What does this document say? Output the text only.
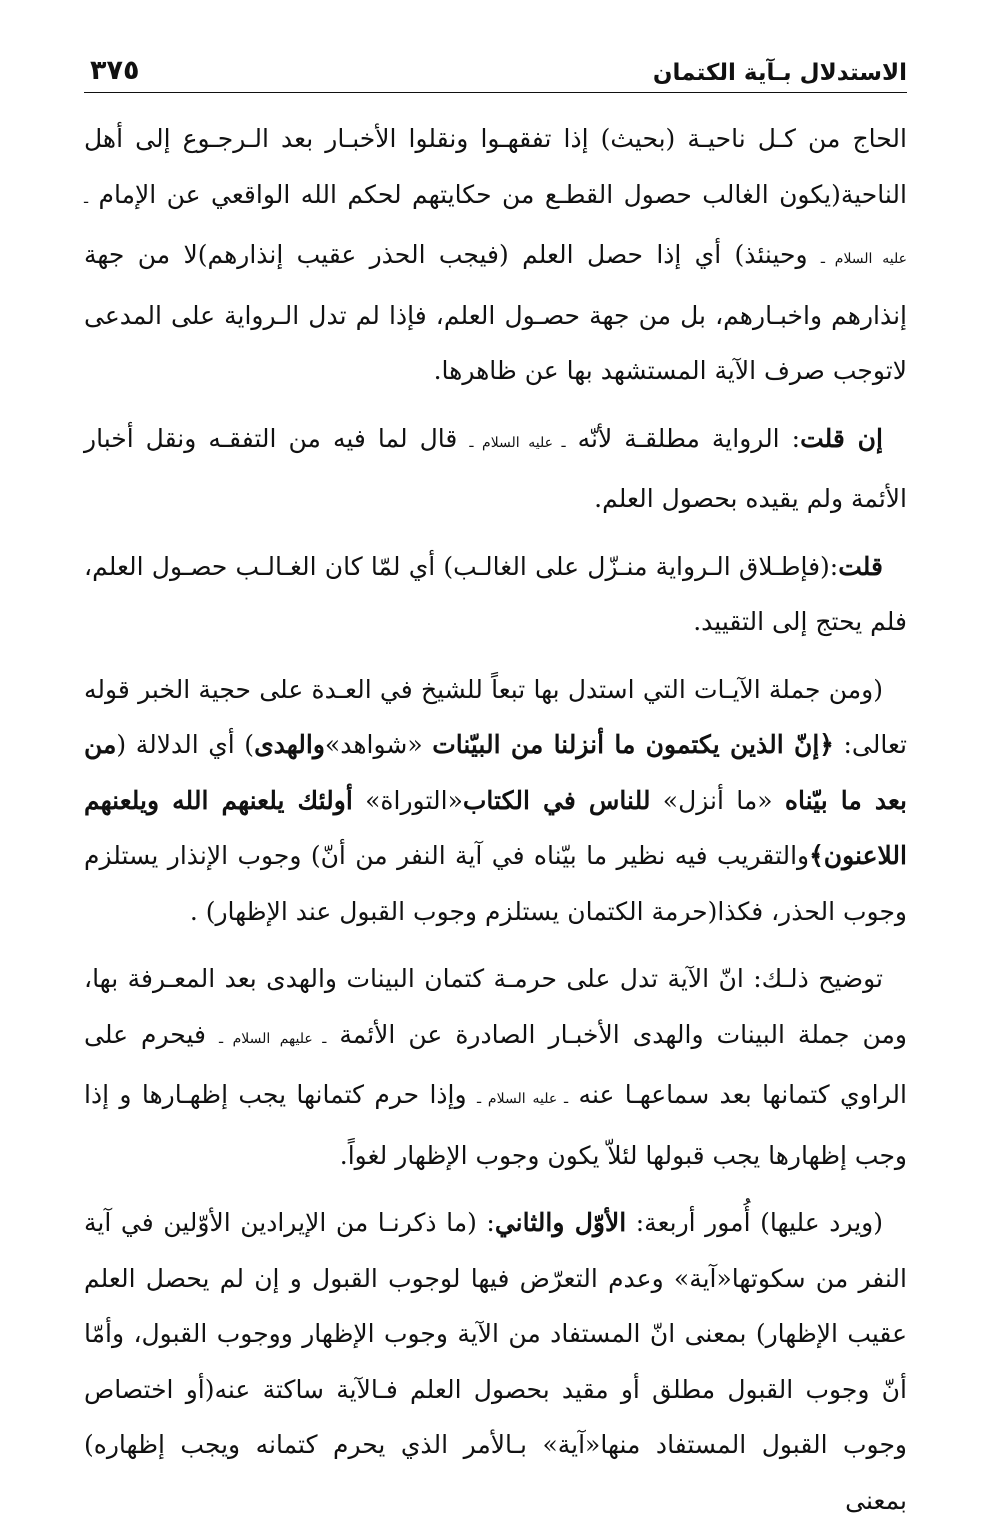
الاستدلال بـآية الكتمان
٣٧٥

الحاج من كـل ناحيـة (بحيث) إذا تفقهـوا ونقلوا الأخبـار بعد الـرجـوع إلى أهل الناحية(يكون الغالب حصول القطـع من حكايتهم لحكم الله الواقعي عن الإمام ـ عليه السلام ـ وحينئذ) أي إذا حصل العلم (فيجب الحذر عقيب إنذارهم)لا من جهة إنذارهم واخبـارهم، بل من جهة حصـول العلم، فإذا لم تدل الـرواية على المدعى لاتوجب صرف الآية المستشهد بها عن ظاهرها.

إن قلت: الرواية مطلقـة لأنّه ـ عليه السلام ـ قال لما فيه من التفقـه ونقل أخبار الأئمة ولم يقيده بحصول العلم.

قلت:(فإطـلاق الـرواية منـزّل على الغالـب) أي لمّا كان الغـالـب حصـول العلم، فلم يحتج إلى التقييد.

(ومن جملة الآيـات التي استدل بها تبعاً للشيخ في العـدة على حجية الخبر قوله تعالى: ﴿إنّ الذين يكتمون ما أنزلنا من البيّنات «شواهد»والهدى) أي الدلالة (من بعد ما بيّناه «ما أنزل» للناس في الكتاب«التوراة» أولئك يلعنهم الله ويلعنهم اللاعنون﴾والتقريب فيه نظير ما بيّناه في آية النفر من أنّ) وجوب الإنذار يستلزم وجوب الحذر، فكذا(حرمة الكتمان يستلزم وجوب القبول عند الإظهار) .

توضيح ذلـك: انّ الآية تدل على حرمـة كتمان البينات والهدى بعد المعـرفة بها، ومن جملة البينات والهدى الأخبـار الصادرة عن الأئمة ـ عليهم السلام ـ فيحرم على الراوي كتمانها بعد سماعهـا عنه ـ عليه السلام ـ وإذا حرم كتمانها يجب إظهـارها و إذا وجب إظهارها يجب قبولها لئلاّ يكون وجوب الإظهار لغواً.

(ويرد عليها) أُمور أربعة: الأوّل والثاني: (ما ذكرنـا من الإيرادين الأوّلين في آية النفر من سكوتها«آية» وعدم التعرّض فيها لوجوب القبول و إن لم يحصل العلم عقيب الإظهار) بمعنى انّ المستفاد من الآية وجوب الإظهار ووجوب القبول، وأمّا أنّ وجوب القبول مطلق أو مقيد بحصول العلم فـالآية ساكتة عنه(أو اختصاص وجوب القبول المستفاد منها«آية» بـالأمر الذي يحرم كتمانه ويجب إظهاره) بمعنى
